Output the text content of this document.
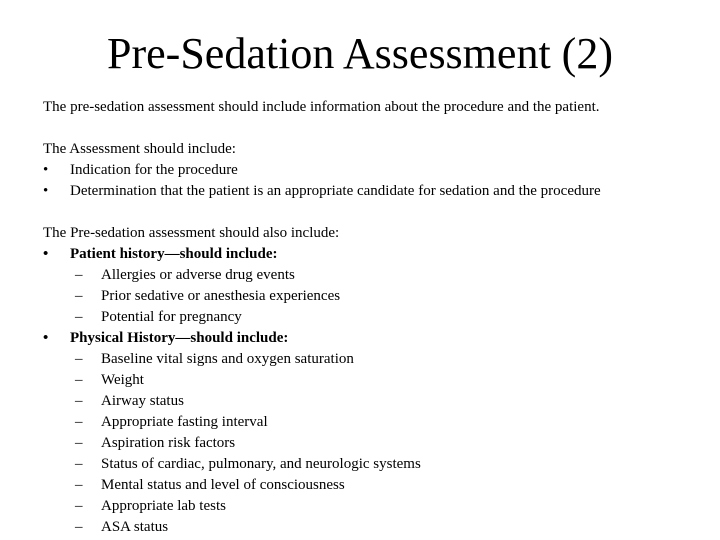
Pre-Sedation Assessment (2)
The pre-sedation assessment should include information about the procedure and the patient.
The Assessment should include:
• Indication for the procedure
• Determination that the patient is an appropriate candidate for sedation and the procedure
The Pre-sedation assessment should also include:
• Patient history—should include:
– Allergies or adverse drug events
– Prior sedative or anesthesia experiences
– Potential for pregnancy
• Physical History—should include:
– Baseline vital signs and oxygen saturation
– Weight
– Airway status
– Appropriate fasting interval
– Aspiration risk factors
– Status of cardiac, pulmonary, and neurologic systems
– Mental status and level of consciousness
– Appropriate lab tests
– ASA status
